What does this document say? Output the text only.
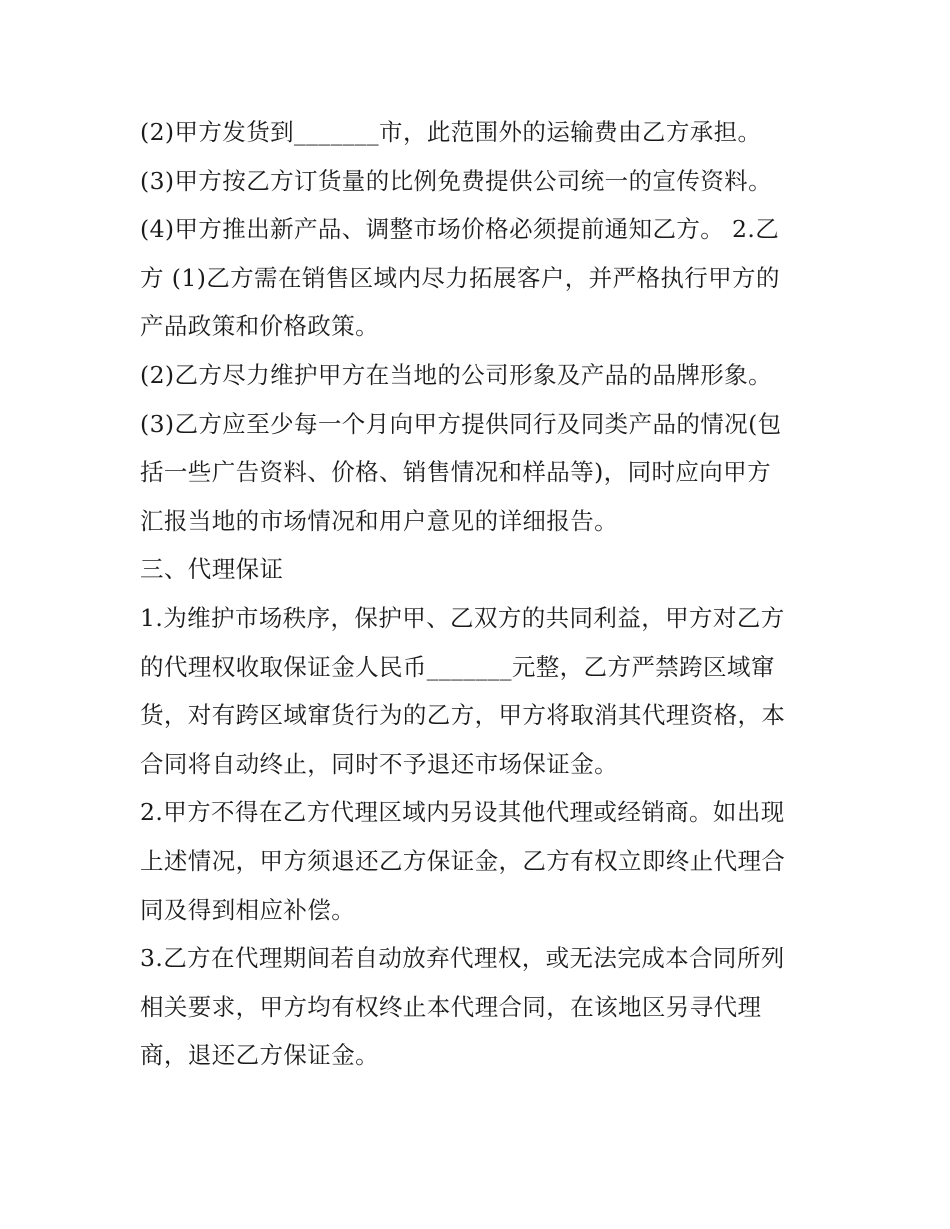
(2)甲方发货到_______市，此范围外的运输费由乙方承担。
(3)甲方按乙方订货量的比例免费提供公司统一的宣传资料。
(4)甲方推出新产品、调整市场价格必须提前通知乙方。 2.乙
方 (1)乙方需在销售区域内尽力拓展客户，并严格执行甲方的
产品政策和价格政策。
(2)乙方尽力维护甲方在当地的公司形象及产品的品牌形象。
(3)乙方应至少每一个月向甲方提供同行及同类产品的情况(包
括一些广告资料、价格、销售情况和样品等)，同时应向甲方
汇报当地的市场情况和用户意见的详细报告。
三、代理保证
1.为维护市场秩序，保护甲、乙双方的共同利益，甲方对乙方
的代理权收取保证金人民币_______元整，乙方严禁跨区域窜
货，对有跨区域窜货行为的乙方，甲方将取消其代理资格，本
合同将自动终止，同时不予退还市场保证金。
2.甲方不得在乙方代理区域内另设其他代理或经销商。如出现
上述情况，甲方须退还乙方保证金，乙方有权立即终止代理合
同及得到相应补偿。
3.乙方在代理期间若自动放弃代理权，或无法完成本合同所列
相关要求，甲方均有权终止本代理合同，在该地区另寻代理
商，退还乙方保证金。
